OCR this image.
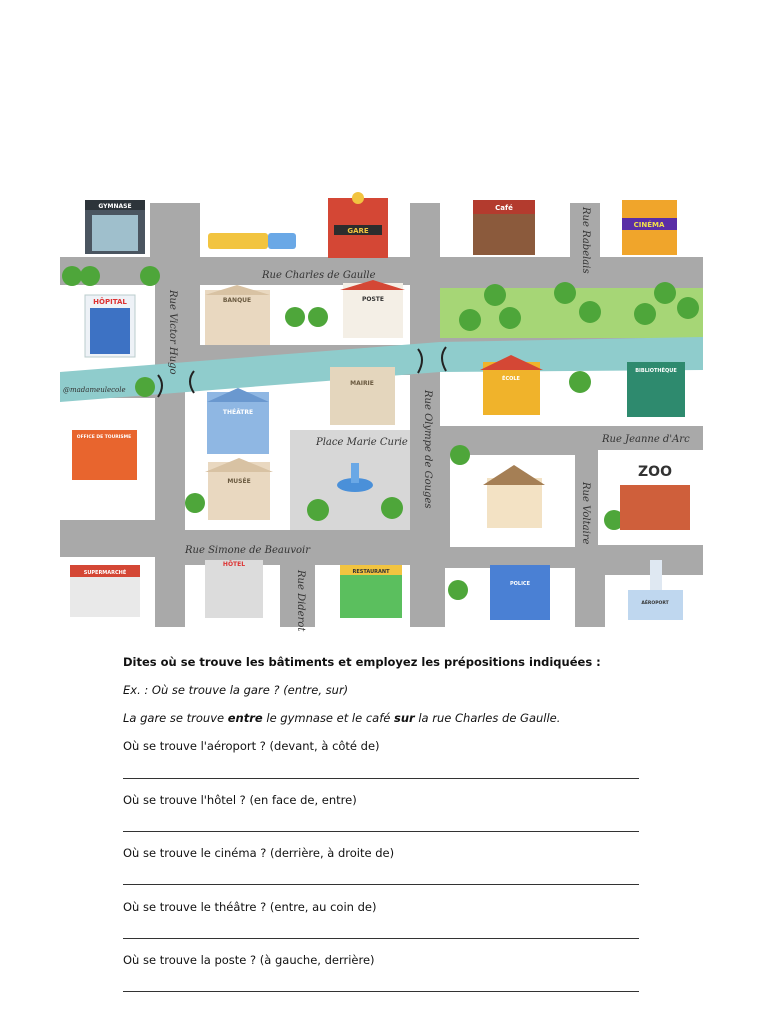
GYMNASE
GARE
Café
CINÉMA
HÔPITAL	BANQUE	POSTE
MAIRIE
ÉCOLE
BIBLIOTHÈQUE
THÉÂTRE
MUSÉE
OFFICE DE TOURISME
ZOO
SUPERMARCHÉ
HÔTEL
RESTAURANT
POLICE
AÉROPORT
Rue Charles de Gaulle
Rue Victor Hugo
Rue Rabelais
Rue Olympe de Gouges	Rue Jeanne d'Arc
Rue Voltaire
Rue Simone de Beauvoir
Rue Diderot
Place Marie Curie
@madameulecole
Dites où se trouve les bâtiments et employez les prépositions indiquées :
Ex. : Où se trouve la gare ? (entre, sur)
La gare se trouve entre le gymnase et le café sur la rue Charles de Gaulle.
Où se trouve l'aéroport ? (devant, à côté de)
Où se trouve l'hôtel ? (en face de, entre)
Où se trouve le cinéma ? (derrière, à droite de)
Où se trouve le théâtre ? (entre, au coin de)
Où se trouve la poste ? (à gauche, derrière)
